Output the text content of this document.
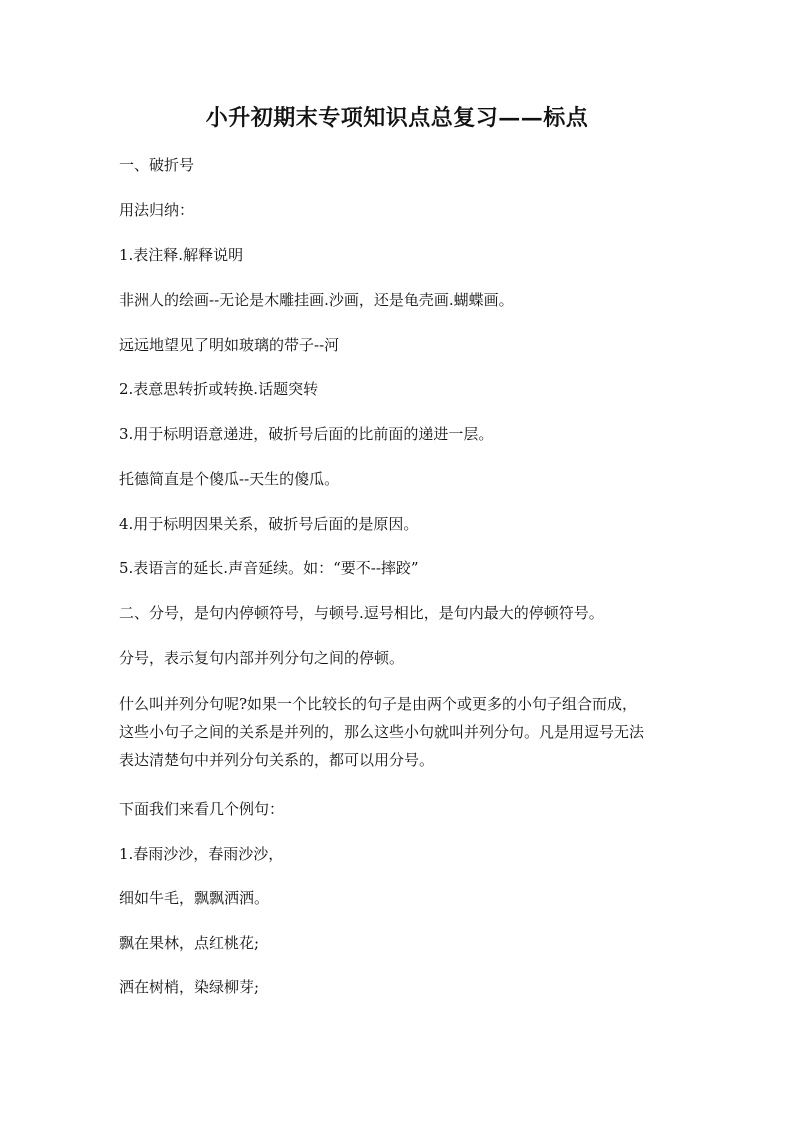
小升初期末专项知识点总复习——标点

一、破折号

用法归纳：

1.表注释.解释说明

非洲人的绘画--无论是木雕挂画.沙画，还是龟壳画.蝴蝶画。

远远地望见了明如玻璃的带子--河

2.表意思转折或转换.话题突转

3.用于标明语意递进，破折号后面的比前面的递进一层。

托德简直是个傻瓜--天生的傻瓜。

4.用于标明因果关系，破折号后面的是原因。

5.表语言的延长.声音延续。如：“要不--摔跤”

二、分号，是句内停顿符号，与顿号.逗号相比，是句内最大的停顿符号。

分号，表示复句内部并列分句之间的停顿。

什么叫并列分句呢?如果一个比较长的句子是由两个或更多的小句子组合而成，
这些小句子之间的关系是并列的，那么这些小句就叫并列分句。凡是用逗号无法
表达清楚句中并列分句关系的，都可以用分号。

下面我们来看几个例句：

1.春雨沙沙，春雨沙沙，

细如牛毛，飘飘洒洒。

飘在果林，点红桃花;

洒在树梢，染绿柳芽;
